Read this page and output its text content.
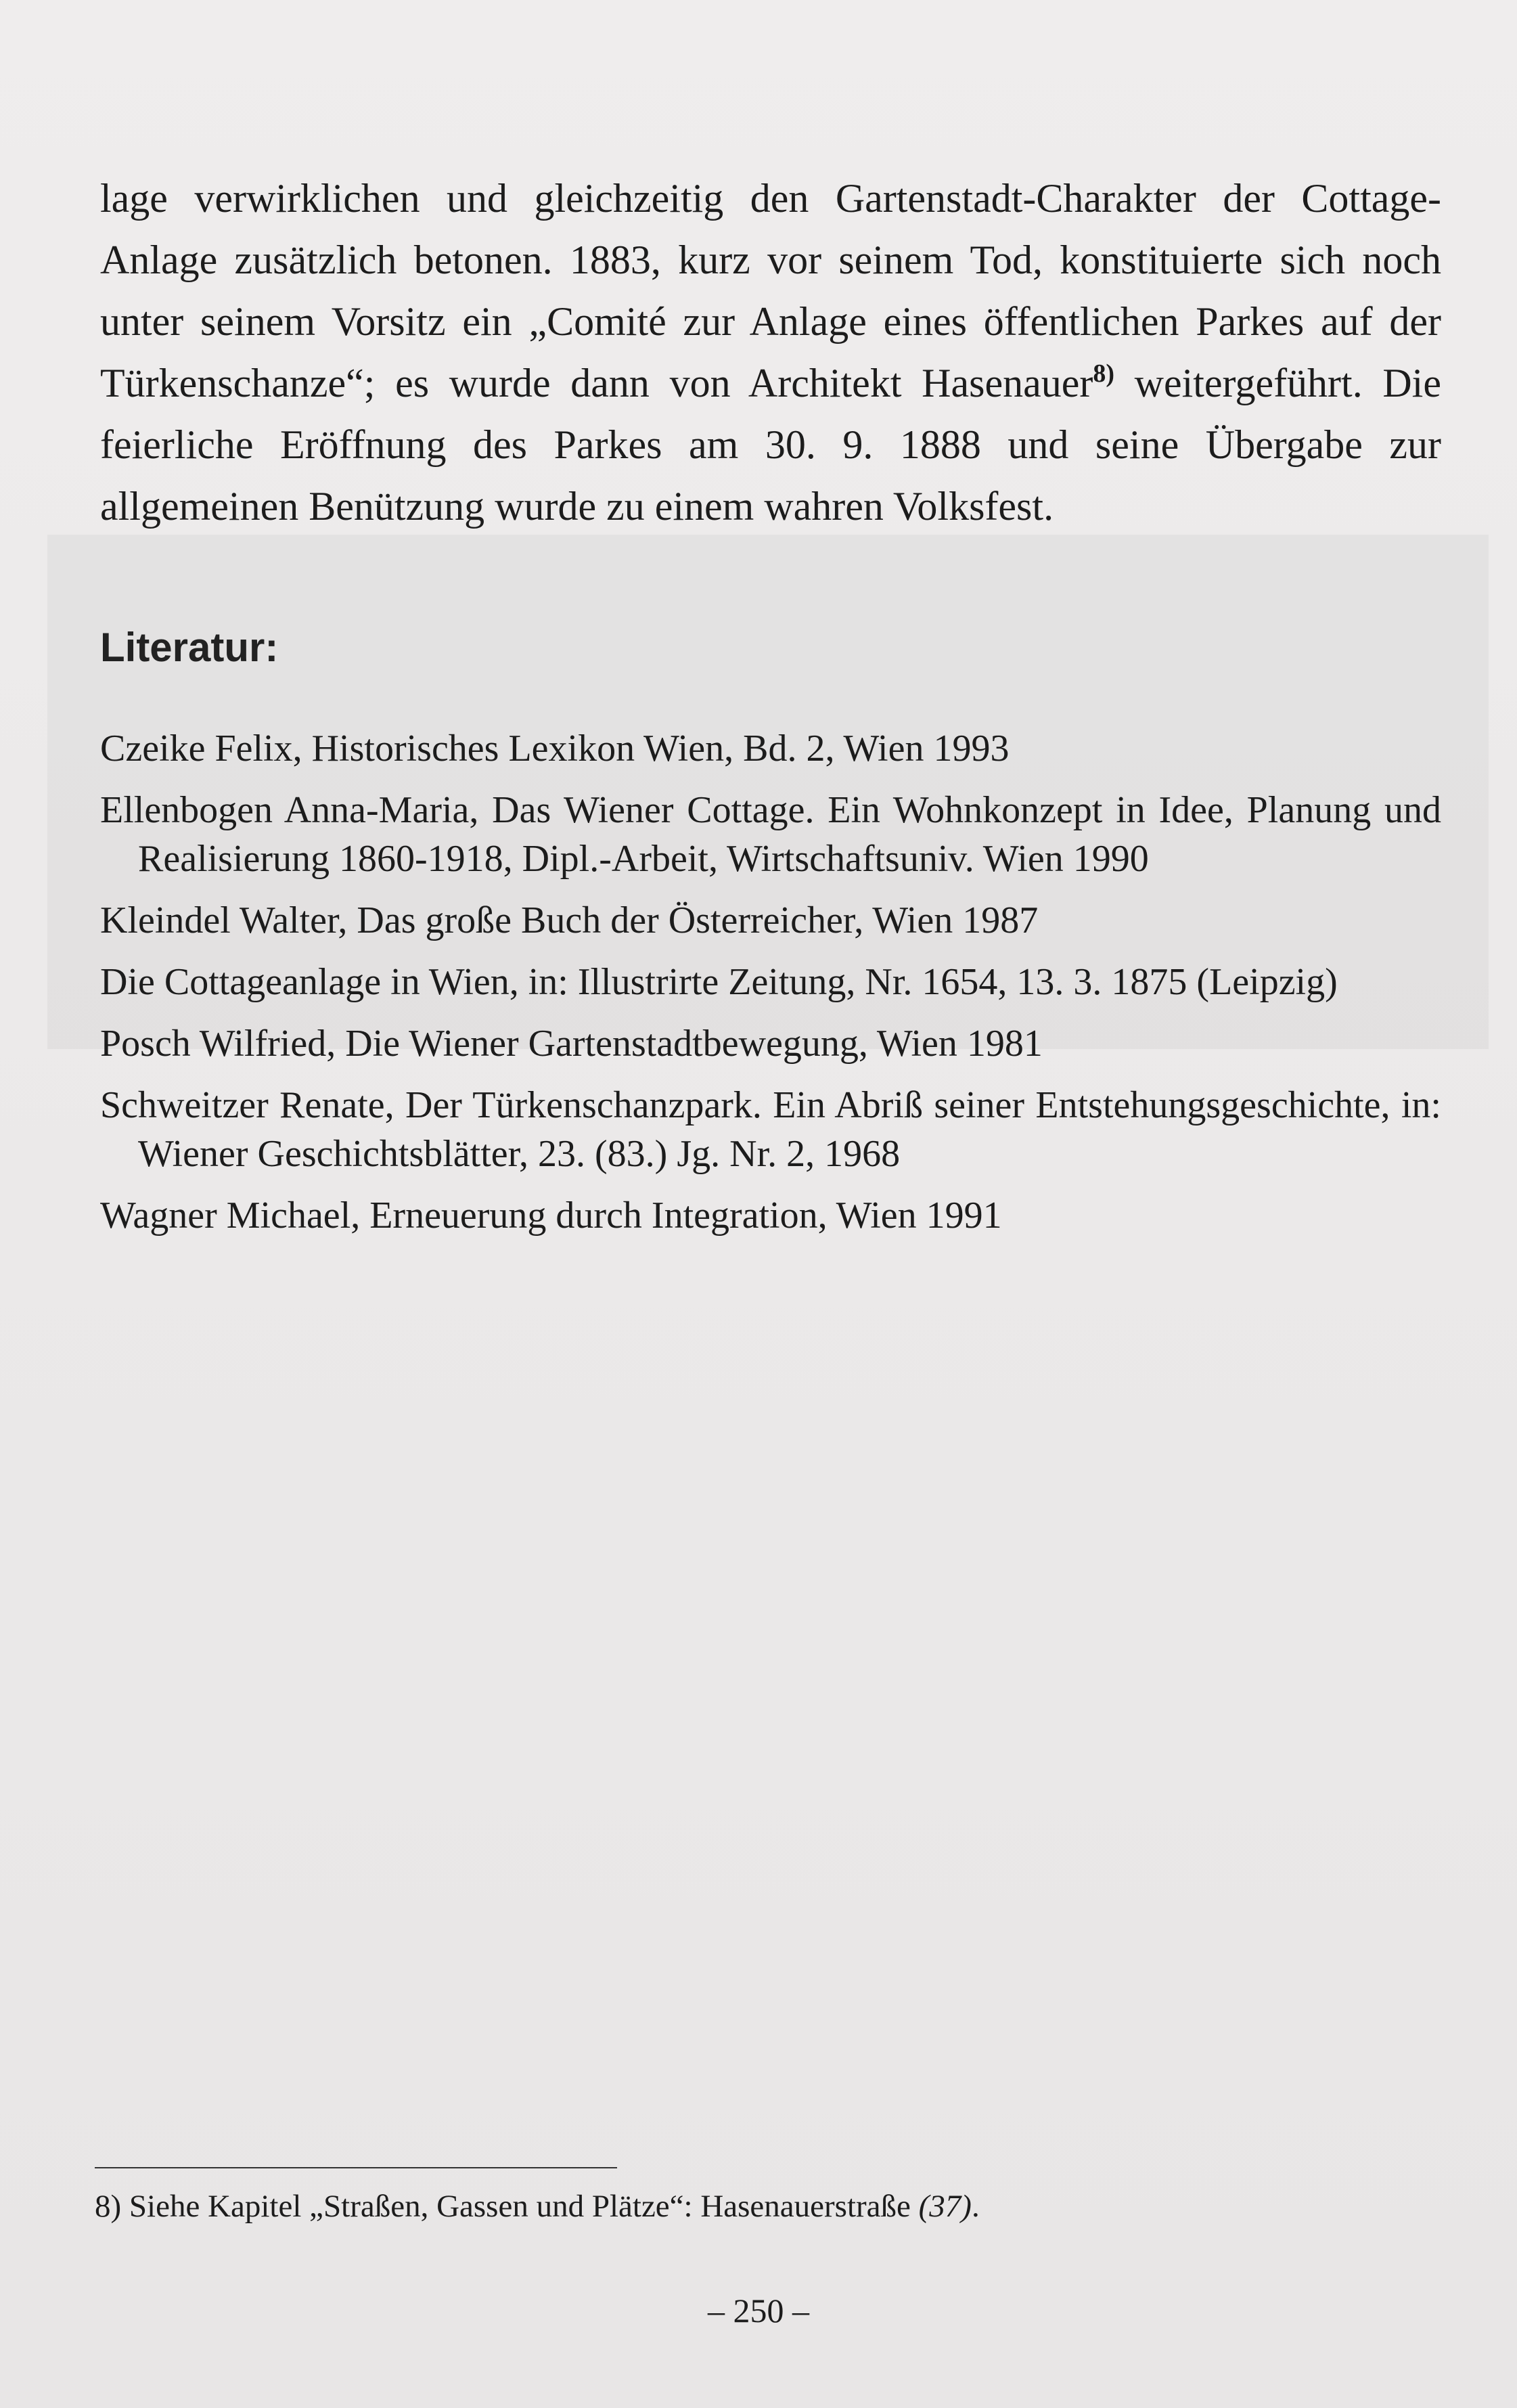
lage verwirklichen und gleichzeitig den Gartenstadt-Charakter der Cottage-Anlage zusätzlich betonen. 1883, kurz vor seinem Tod, konstituierte sich noch unter seinem Vorsitz ein „Comité zur Anlage eines öffentlichen Parkes auf der Türkenschanze“; es wurde dann von Architekt Hasenauer$^{8)}$ weitergeführt. Die feierliche Eröffnung des Parkes am 30. 9. 1888 und seine Übergabe zur allgemeinen Benützung wurde zu einem wahren Volksfest.

Literatur:
Czeike Felix, Historisches Lexikon Wien, Bd. 2, Wien 1993
Ellenbogen Anna-Maria, Das Wiener Cottage. Ein Wohnkonzept in Idee, Planung und Realisierung 1860-1918, Dipl.-Arbeit, Wirtschaftsuniv. Wien 1990
Kleindel Walter, Das große Buch der Österreicher, Wien 1987
Die Cottageanlage in Wien, in: Illustrirte Zeitung, Nr. 1654, 13. 3. 1875 (Leipzig)
Posch Wilfried, Die Wiener Gartenstadtbewegung, Wien 1981
Schweitzer Renate, Der Türkenschanzpark. Ein Abriß seiner Entstehungsgeschichte, in: Wiener Geschichtsblätter, 23. (83.) Jg. Nr. 2, 1968
Wagner Michael, Erneuerung durch Integration, Wien 1991

8) Siehe Kapitel „Straßen, Gassen und Plätze“: Hasenauerstraße (37).

– 250 –
